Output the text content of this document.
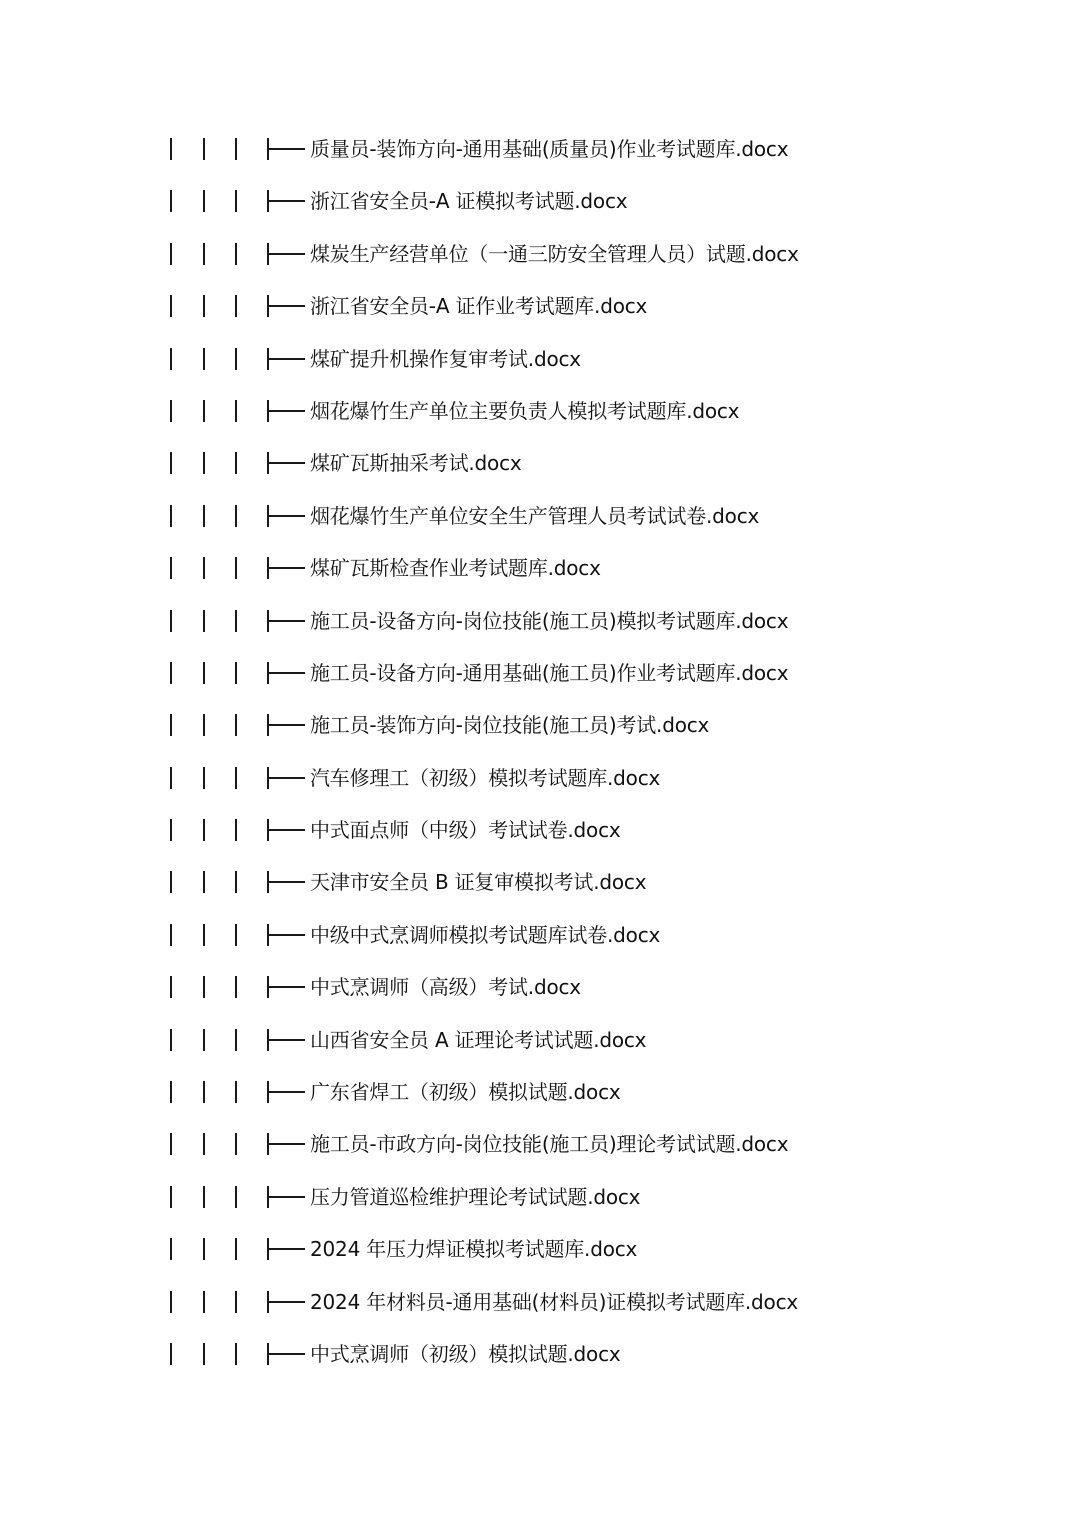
质量员-装饰方向-通用基础(质量员)作业考试题库.docx
浙江省安全员-A 证模拟考试题.docx
煤炭生产经营单位（一通三防安全管理人员）试题.docx
浙江省安全员-A 证作业考试题库.docx
煤矿提升机操作复审考试.docx
烟花爆竹生产单位主要负责人模拟考试题库.docx
煤矿瓦斯抽采考试.docx
烟花爆竹生产单位安全生产管理人员考试试卷.docx
煤矿瓦斯检查作业考试题库.docx
施工员-设备方向-岗位技能(施工员)模拟考试题库.docx
施工员-设备方向-通用基础(施工员)作业考试题库.docx
施工员-装饰方向-岗位技能(施工员)考试.docx
汽车修理工（初级）模拟考试题库.docx
中式面点师（中级）考试试卷.docx
天津市安全员 B 证复审模拟考试.docx
中级中式烹调师模拟考试题库试卷.docx
中式烹调师（高级）考试.docx
山西省安全员 A 证理论考试试题.docx
广东省焊工（初级）模拟试题.docx
施工员-市政方向-岗位技能(施工员)理论考试试题.docx
压力管道巡检维护理论考试试题.docx
2024 年压力焊证模拟考试题库.docx
2024 年材料员-通用基础(材料员)证模拟考试题库.docx
中式烹调师（初级）模拟试题.docx
